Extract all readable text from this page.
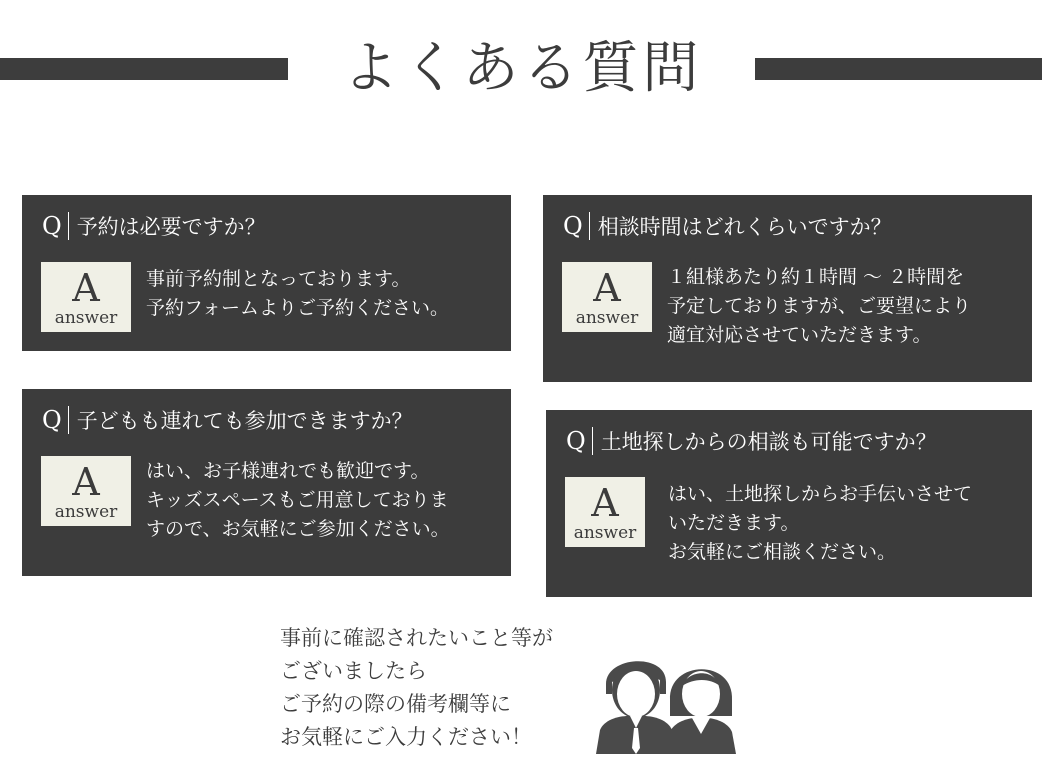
よくある質問
Q 予約は必要ですか？
A
answer
事前予約制となっております。
予約フォームよりご予約ください。
Q 相談時間はどれくらいですか？
A
answer
１組様あたり約１時間 ～ ２時間を
予定しておりますが、ご要望により
適宜対応させていただきます。
Q 子どもも連れても参加できますか？
A
answer
はい、お子様連れでも歓迎です。
キッズスペースもご用意しておりま
すので、お気軽にご参加ください。
Q 土地探しからの相談も可能ですか？
A
answer
はい、土地探しからお手伝いさせて
いただきます。
お気軽にご相談ください。
事前に確認されたいこと等が
ございましたら
ご予約の際の備考欄等に
お気軽にご入力ください！
